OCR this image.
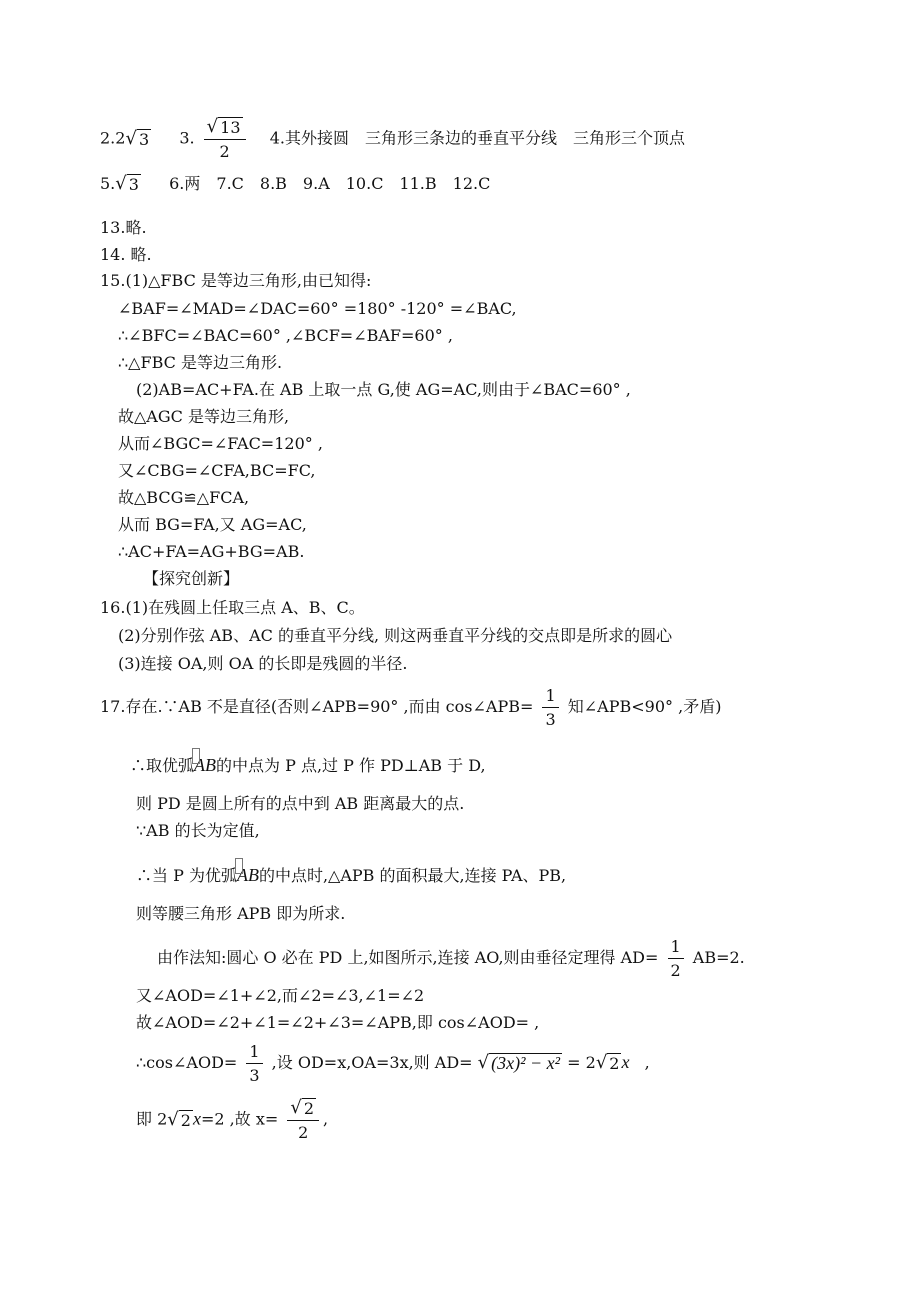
2.2 √ 3 3. $\frac{√ 13}{2} 4$.其外接圆　三角形三条边的垂直平分线　三角形三个顶点
5. √ 3 6.两　7.C　8.B　9.A　10.C　11.B　12.C
13.略.
14. 略.
15.(1)△FBC 是等边三角形,由已知得:
∠BAF=∠MAD=∠DAC=60° =180° -120° =∠BAC,
∴∠BFC=∠BAC=60° ,∠BCF=∠BAF=60° ,
∴△FBC 是等边三角形.
(2)AB=AC+FA.在 AB 上取一点 G,使 AG=AC,则由于∠BAC=60° ,
故△AGC 是等边三角形,
从而∠BGC=∠FAC=120° ,
又∠CBG=∠CFA,BC=FC,
故△BCG≌△FCA,
从而 BG=FA,又 AG=AC,
∴AC+FA=AG+BG=AB.
【探究创新】
16.(1)在残圆上任取三点 A、B、C。
(2)分别作弦 AB、AC 的垂直平分线, 则这两垂直平分线的交点即是所求的圆心
(3)连接 OA,则 OA 的长即是残圆的半径.
17.存在.∵AB 不是直径(否则∠APB=90° ,而由 cos∠APB= $\frac{1}{3}$ 知∠APB<90° ,矛盾)
∴取优弧
AB的中点为 P 点,过 P 作 PD⊥AB 于 D,
则 PD 是圆上所有的点中到 AB 距离最大的点.
∵AB 的长为定值,
∴当 P 为优弧
AB的中点时,△APB 的面积最大,连接 PA、PB,
则等腰三角形 APB 即为所求.
由作法知:圆心 O 必在 PD 上,如图所示,连接 AO,则由垂径定理得 $AD= \frac{1}{2} AB=2$.
又∠AOD=∠1+∠2,而∠2=∠3,∠1=∠2
故∠AOD=∠2+∠1=∠2+∠3=∠APB,即 cos∠AOD= ,
∴cos∠AOD= $\frac{1}{3}$ ,设 OD=x,OA=3x,则 AD= √ (3x)² − x² = 2 √ 2 x ,
即 2 √ 2 x=2 ,故 $x= \frac{√ 2}{2}$ ,
